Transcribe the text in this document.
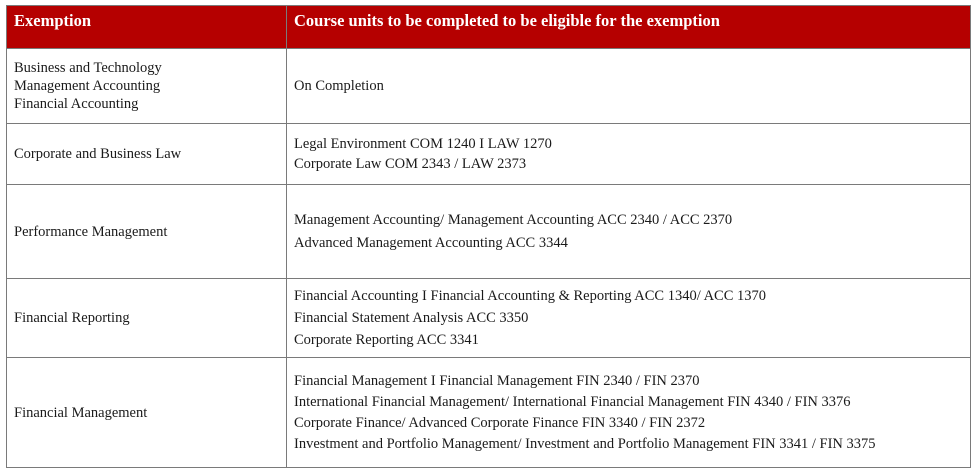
Exemption	Course units to be completed to be eligible for the exemption

Business and Technology
Management Accounting
Financial Accounting	On Completion

Corporate and Business Law	Legal Environment COM 1240 I LAW 1270
Corporate Law COM 2343 / LAW 2373

Performance Management	Management Accounting/ Management Accounting ACC 2340 / ACC 2370
Advanced Management Accounting ACC 3344

Financial Reporting	Financial Accounting I Financial Accounting & Reporting ACC 1340/ ACC 1370
Financial Statement Analysis ACC 3350
Corporate Reporting ACC 3341

Financial Management	Financial Management I Financial Management FIN 2340 / FIN 2370
International Financial Management/ International Financial Management FIN 4340 / FIN 3376
Corporate Finance/ Advanced Corporate Finance FIN 3340 / FIN 2372
Investment and Portfolio Management/ Investment and Portfolio Management FIN 3341 / FIN 3375
